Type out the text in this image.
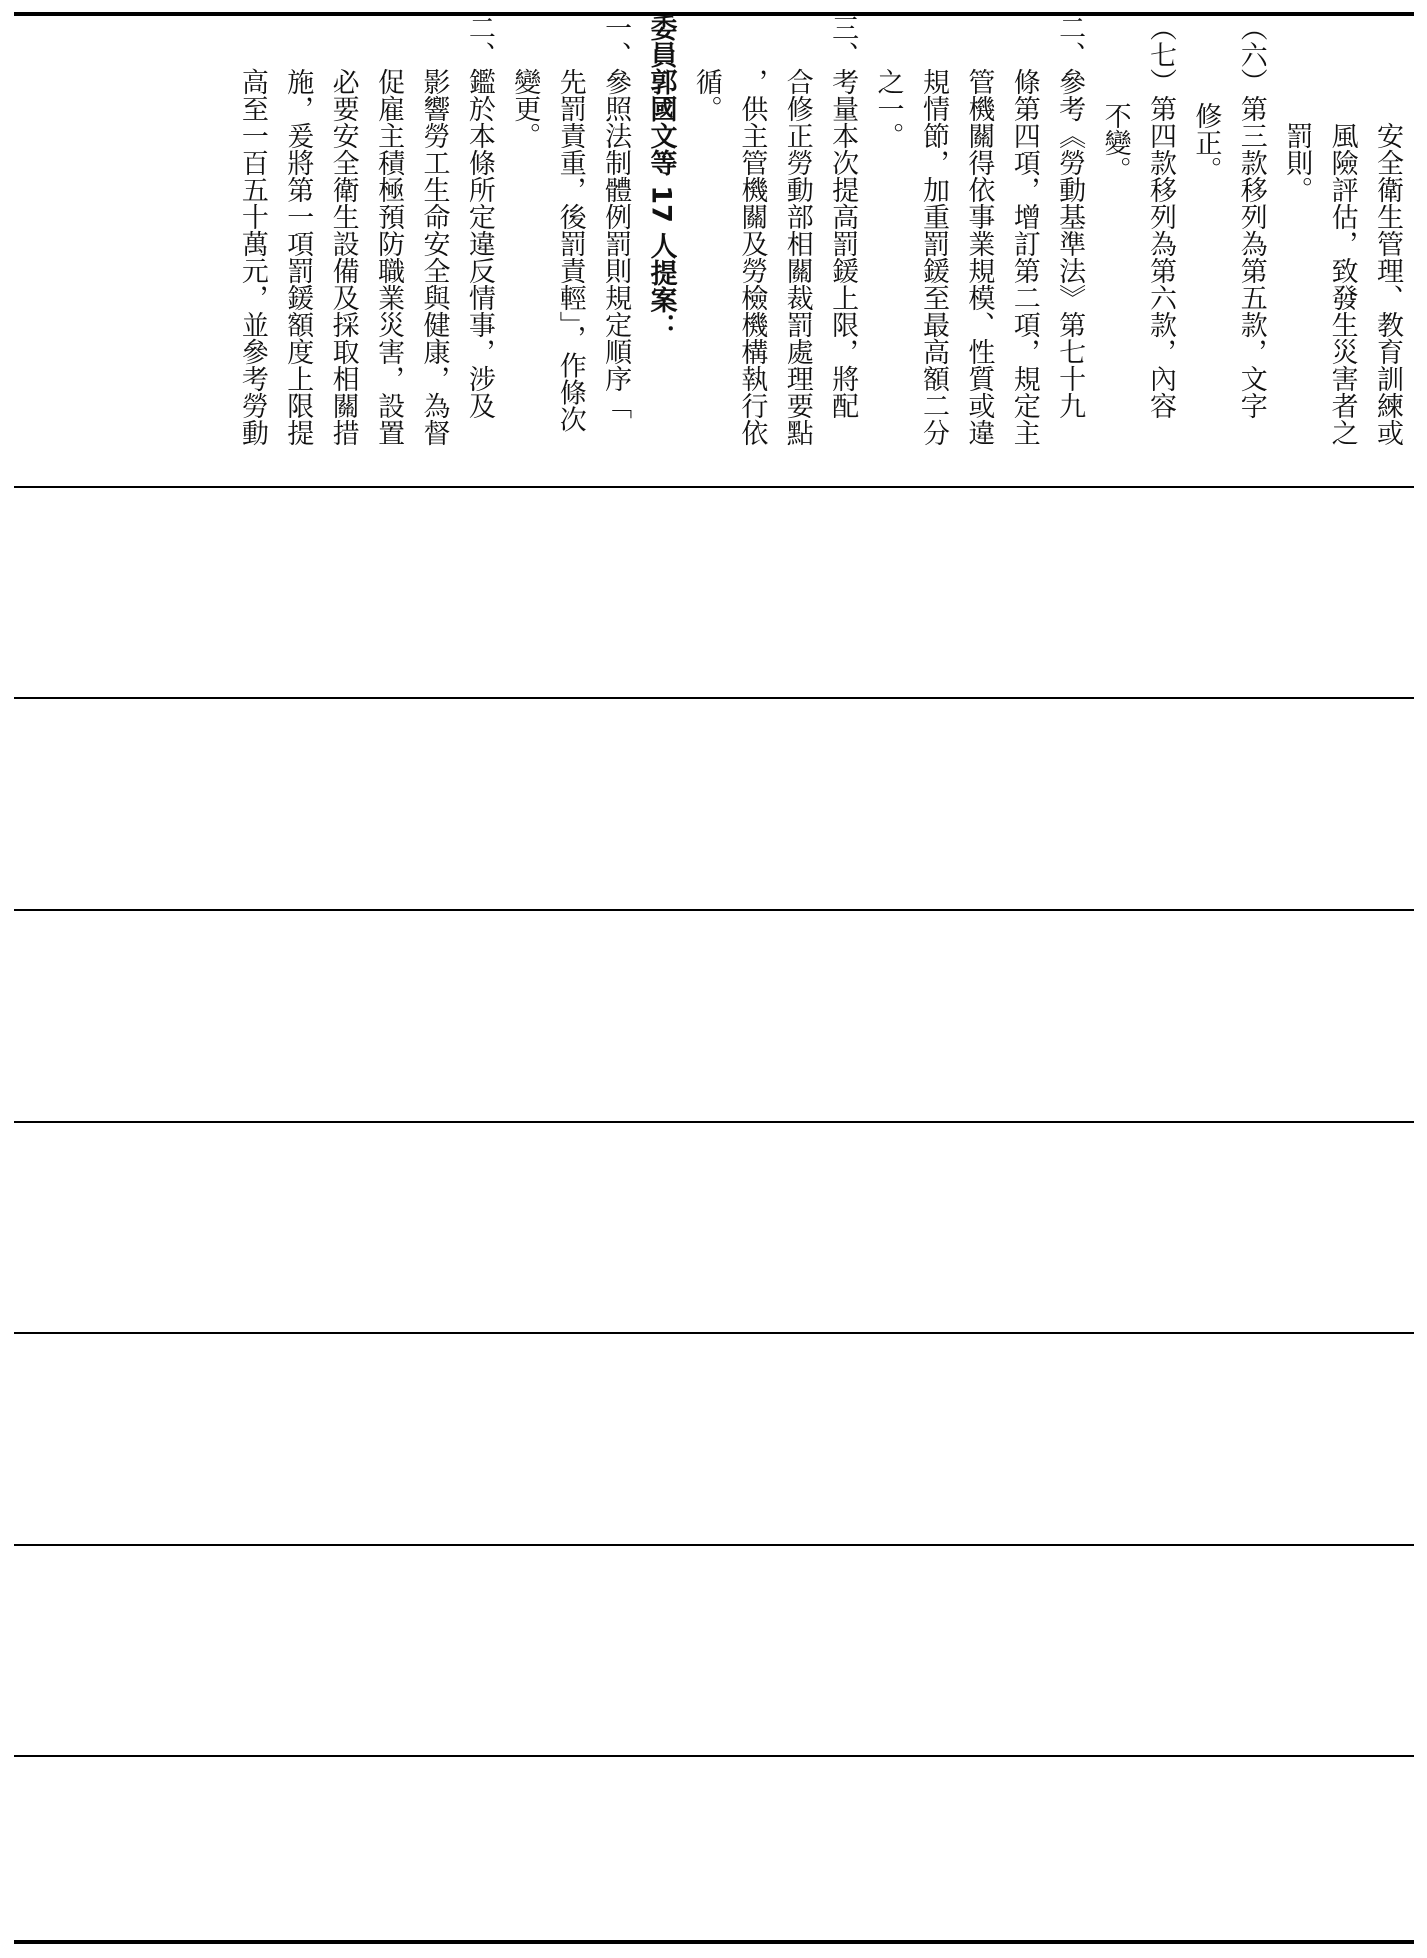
安全衛生管理、教育訓練或

風險評估，致發生災害者之

罰則。

（六）第三款移列為第五款，文字

修正。

（七）第四款移列為第六款，內容

不變。

二、參考《勞動基準法》第七十九

條第四項，增訂第二項，規定主

管機關得依事業規模、性質或違

規情節，加重罰鍰至最高額二分

之一。

三、考量本次提高罰鍰上限，將配

合修正勞動部相關裁罰處理要點

，供主管機關及勞檢機構執行依

循。

委員郭國文等 17 人提案：

一、參照法制體例罰則規定順序「

先罰責重，後罰責輕」，作條次

變更。

二、鑑於本條所定違反情事，涉及

影響勞工生命安全與健康，為督

促雇主積極預防職業災害，設置

必要安全衛生設備及採取相關措

施，爰將第一項罰鍰額度上限提

高至一百五十萬元，並參考勞動
